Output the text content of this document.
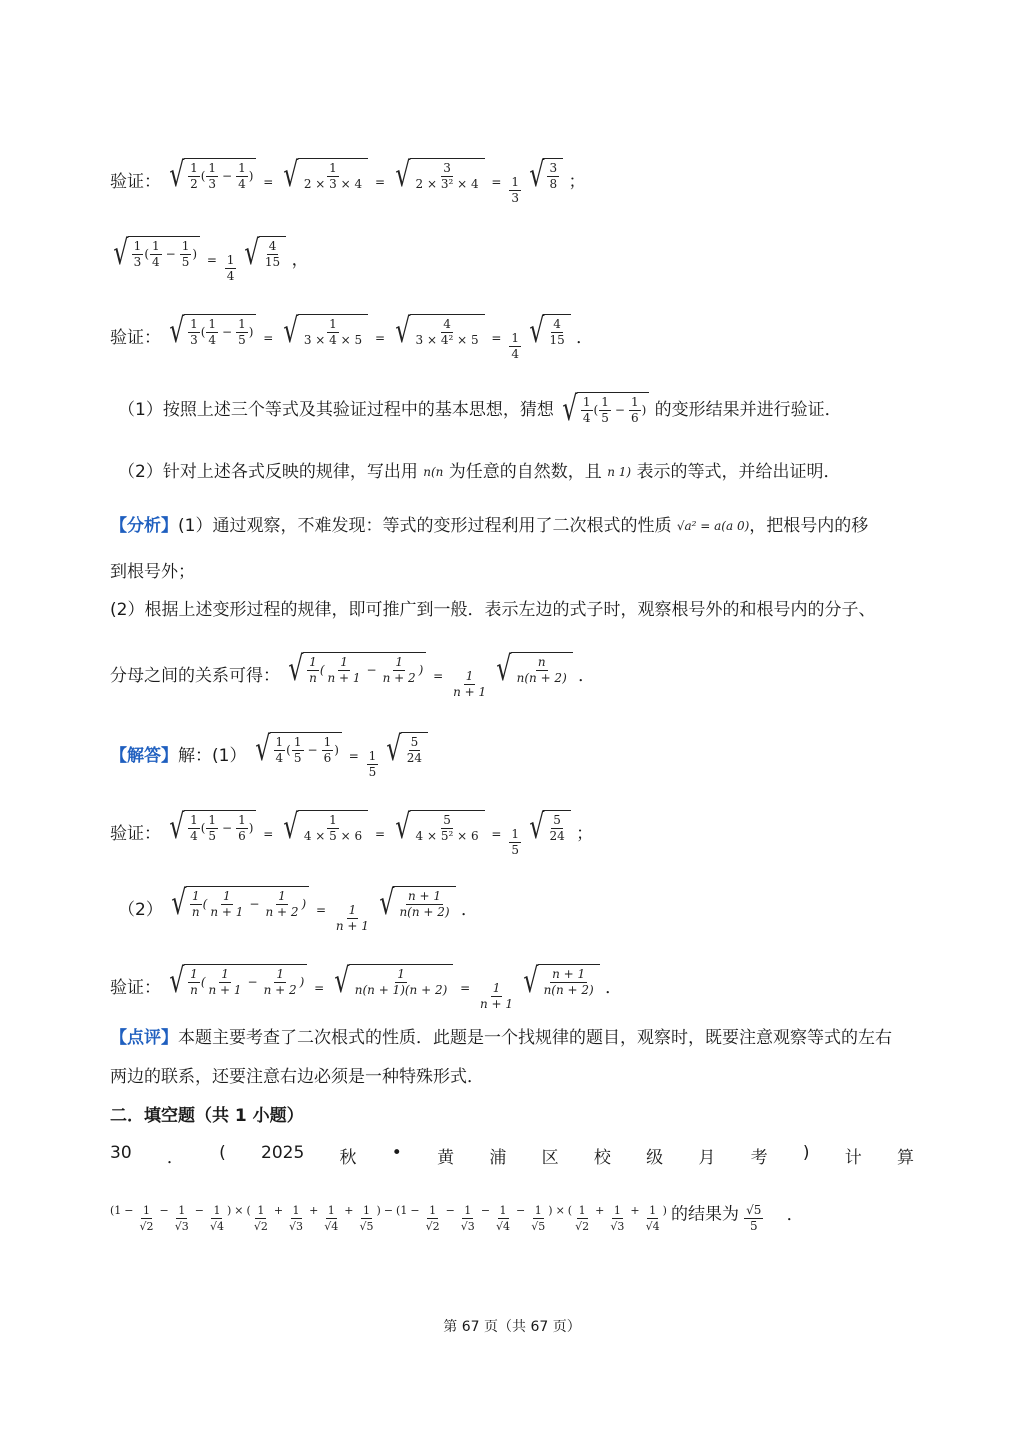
验证： √ $\frac{1}{2}$ ( $\frac{1}{3} - \frac{1}{4}$ ) = √ $\frac{1}{2 \times 3 \times 4}$ = √ $\frac{3}{\text{2 × 3² × 4}} = \frac{1}{3}$
√ $\frac{3}{8}$ ；
√ $\frac{1}{3}$ ( $\frac{1}{4} - \frac{1}{5}$ ) = $\frac{1}{4}$
√ $\frac{4}{15}$ ，
验证： √ $\frac{1}{3}$ ( $\frac{1}{4} - \frac{1}{5}$ ) = √ $\frac{1}{3 \times 4 \times 5}$ = √ $\frac{4}{\text{3 × 4² × 5}} = \frac{1}{4}$
√ $\frac{4}{15}$ ．
（1）按照上述三个等式及其验证过程中的基本思想，猜想 √ $\frac{1}{4}$ ( $\frac{1}{5} - \frac{1}{6}$ ) 的变形结果并进行验证．
（2）针对上述各式反映的规律，写出用 n(n 为任意的自然数，且 n 1) 表示的等式，并给出证明．
【分析】(1）通过观察，不难发现：等式的变形过程利用了二次根式的性质 √a² = a(a 0)，把根号内的移
到根号外；
(2）根据上述变形过程的规律，即可推广到一般．表示左边的式子时，观察根号外的和根号内的分子、
分母之间的关系可得： √ $\frac{1}{n}$ ( $\frac{1}{n + 1} - \frac{1}{n + 2}$ ) = $\frac{1}{n + 1}$
√ $\frac{n}{n(n + 2)}$ ．
【解答】解：(1） √ $\frac{1}{4}$ ( $\frac{1}{5} - \frac{1}{6}$ ) = $\frac{1}{5}$
√ $\frac{5}{24}$
验证： √ $\frac{1}{4}$ ( $\frac{1}{5} - \frac{1}{6}$ ) = √ $\frac{1}{4 \times 5 \times 6}$ = √ $\frac{5}{\text{4 × 5² × 6}} = \frac{1}{5}$
√ $\frac{5}{24}$ ；
（2） √ $\frac{1}{n}$ ( $\frac{1}{n + 1} - \frac{1}{n + 2}$ ) = $\frac{1}{n + 1}$
√ $\frac{n + 1}{n(n + 2)}$ ．
验证： √ $\frac{1}{n}$ ( $\frac{1}{n + 1} - \frac{1}{n + 2}$ ) = √ $\frac{1}{n(n + 1)(n + 2)} = \frac{1}{n + 1}$
√ $\frac{n + 1}{n(n + 2)}$ ．
【点评】本题主要考查了二次根式的性质．此题是一个找规律的题目，观察时，既要注意观察等式的左右
两边的联系，还要注意右边必须是一种特殊形式．
二．填空题（共 1 小题）
30 ． ( 2025 秋 • 黄 浦 区 校 级 月 考 ) 计 算
($1 - \frac{1}{√2} - \frac{1}{√3} - \frac{1}{√4}$ ) × ( $\frac{1}{√2} + \frac{1}{√3} + \frac{1}{√4} + \frac{1}{√5}$ ) − ($1 - \frac{1}{√2} - \frac{1}{√3} - \frac{1}{√4} - \frac{1}{√5}$ ) × ( $\frac{1}{√2} + \frac{1}{√3} + \frac{1}{√4}$ ) 的结果为 $\frac{√5}{5}$ ．
第 67 页（共 67 页）
